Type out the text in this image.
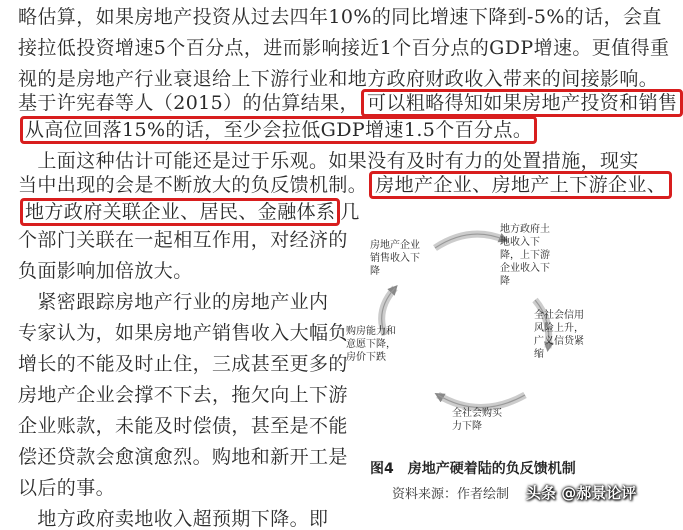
略估算，如果房地产投资从过去四年10%的同比增速下降到-5%的话，会直
接拉低投资增速5个百分点，进而影响接近1个百分点的GDP增速。更值得重
视的是房地产行业衰退给上下游行业和地方政府财政收入带来的间接影响。
基于许宪春等人（2015）的估算结果， 可以粗略得知如果房地产投资和销售
从高位回落15%的话，至少会拉低GDP增速1.5个百分点。
　上面这种估计可能还是过于乐观。如果没有及时有力的处置措施，现实
当中出现的会是不断放大的负反馈机制。 房地产企业、房地产上下游企业、
地方政府关联企业、居民、金融体系 几
个部门关联在一起相互作用，对经济的
负面影响加倍放大。
　紧密跟踪房地产行业的房地产业内
专家认为，如果房地产销售收入大幅负
增长的不能及时止住，三成甚至更多的
房地产企业会撑不下去，拖欠向上下游
企业账款，未能及时偿债，甚至是不能
偿还贷款会愈演愈烈。购地和新开工是
以后的事。
　地方政府卖地收入超预期下降。即
房地产企业销售收入下降
地方政府土地收入下降，上下游企业收入下降
全社会信用风险上升，广义信贷紧缩
全社会购买力下降
购房能力和意愿下降，房价下跌
图4　房地产硬着陆的负反馈机制
资料来源：作者绘制 头条 @郝景论评
